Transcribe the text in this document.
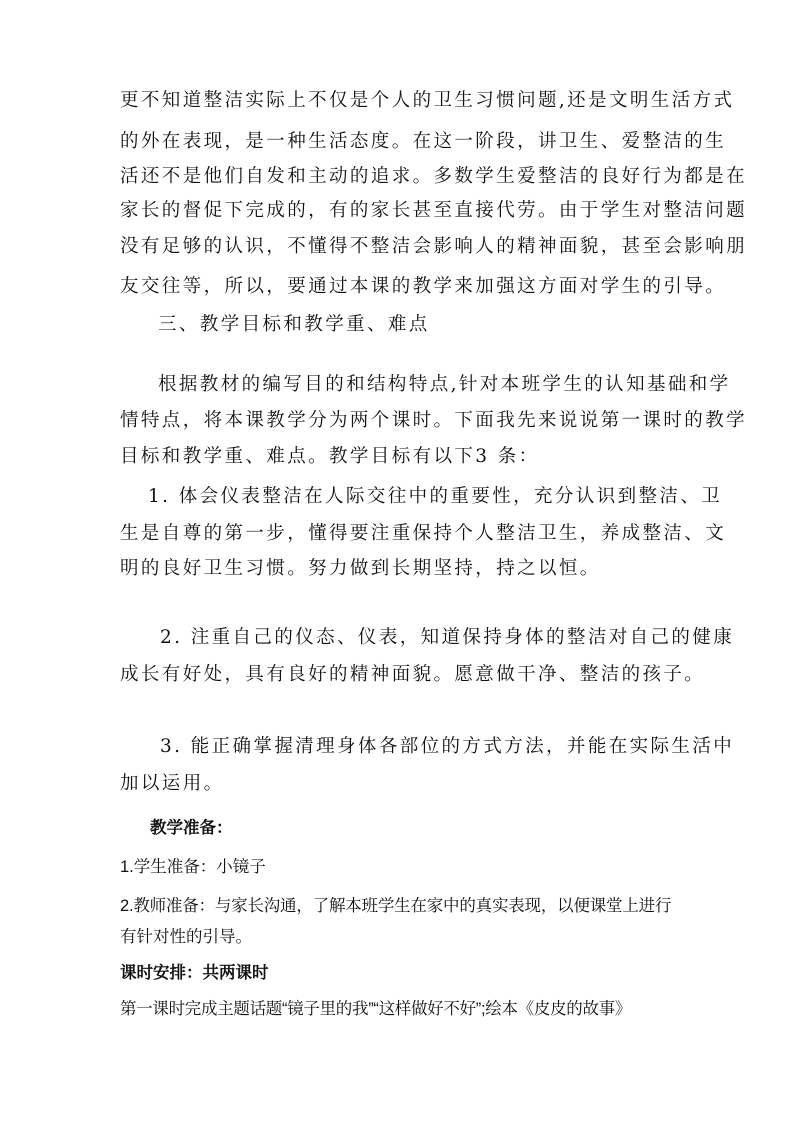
更不知道整洁实际上不仅是个人的卫生习惯问题,还是文明生活方式
的外在表现，是一种生活态度。在这一阶段，讲卫生、爱整洁的生
活还不是他们自发和主动的追求。多数学生爱整洁的良好行为都是在
家长的督促下完成的，有的家长甚至直接代劳。由于学生对整洁问题
没有足够的认识，不懂得不整洁会影响人的精神面貌，甚至会影响朋
友交往等，所以，要通过本课的教学来加强这方面对学生的引导。
三、教学目标和教学重、难点
根据教材的编写目的和结构特点,针对本班学生的认知基础和学
情特点，将本课教学分为两个课时。下面我先来说说第一课时的教学
目标和教学重、难点。教学目标有以下3 条：
1. 体会仪表整洁在人际交往中的重要性，充分认识到整洁、卫
生是自尊的第一步，懂得要注重保持个人整洁卫生，养成整洁、文
明的良好卫生习惯。努力做到长期坚持，持之以恒。
2. 注重自己的仪态、仪表，知道保持身体的整洁对自己的健康
成长有好处，具有良好的精神面貌。愿意做干净、整洁的孩子。
3. 能正确掌握清理身体各部位的方式方法，并能在实际生活中
加以运用。
教学准备：
1.学生准备：小镜子
2.教师准备：与家长沟通，了解本班学生在家中的真实表现，以便课堂上进行
有针对性的引导。
课时安排：共两课时
第一课时完成主题话题“镜子里的我”“这样做好不好”;绘本《皮皮的故事》
